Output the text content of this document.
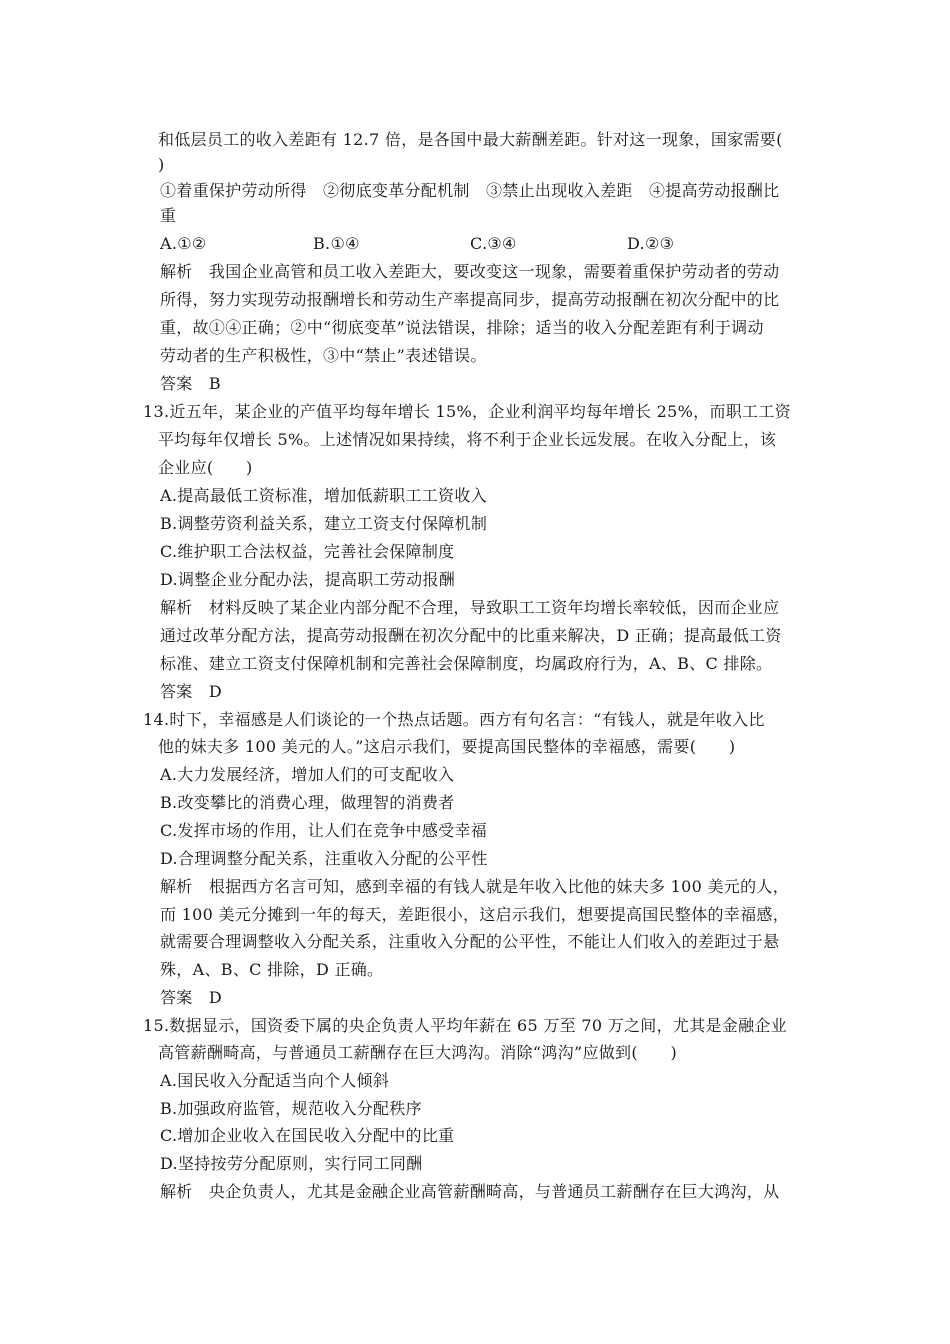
和低层员工的收入差距有 12.7 倍，是各国中最大薪酬差距。针对这一现象，国家需要(
)
①着重保护劳动所得　②彻底变革分配机制　③禁止出现收入差距　④提高劳动报酬比
重
A.①②	B.①④	C.③④	D.②③
解析　我国企业高管和员工收入差距大，要改变这一现象，需要着重保护劳动者的劳动
所得，努力实现劳动报酬增长和劳动生产率提高同步，提高劳动报酬在初次分配中的比
重，故①④正确；②中“彻底变革”说法错误，排除；适当的收入分配差距有利于调动
劳动者的生产积极性，③中“禁止”表述错误。
答案　B
13.近五年，某企业的产值平均每年增长 15%，企业利润平均每年增长 25%，而职工工资
平均每年仅增长 5%。上述情况如果持续，将不利于企业长远发展。在收入分配上，该
企业应(　　)
A.提高最低工资标准，增加低薪职工工资收入
B.调整劳资利益关系，建立工资支付保障机制
C.维护职工合法权益，完善社会保障制度
D.调整企业分配办法，提高职工劳动报酬
解析　材料反映了某企业内部分配不合理，导致职工工资年均增长率较低，因而企业应
通过改革分配方法，提高劳动报酬在初次分配中的比重来解决，D 正确；提高最低工资
标准、建立工资支付保障机制和完善社会保障制度，均属政府行为，A、B、C 排除。
答案　D
14.时下，幸福感是人们谈论的一个热点话题。西方有句名言：“有钱人，就是年收入比
他的妹夫多 100 美元的人。”这启示我们，要提高国民整体的幸福感，需要(　　)
A.大力发展经济，增加人们的可支配收入
B.改变攀比的消费心理，做理智的消费者
C.发挥市场的作用，让人们在竞争中感受幸福
D.合理调整分配关系，注重收入分配的公平性
解析　根据西方名言可知，感到幸福的有钱人就是年收入比他的妹夫多 100 美元的人，
而 100 美元分摊到一年的每天，差距很小，这启示我们，想要提高国民整体的幸福感，
就需要合理调整收入分配关系，注重收入分配的公平性，不能让人们收入的差距过于悬
殊，A、B、C 排除，D 正确。
答案　D
15.数据显示，国资委下属的央企负责人平均年薪在 65 万至 70 万之间，尤其是金融企业
高管薪酬畸高，与普通员工薪酬存在巨大鸿沟。消除“鸿沟”应做到(　　)
A.国民收入分配适当向个人倾斜
B.加强政府监管，规范收入分配秩序
C.增加企业收入在国民收入分配中的比重
D.坚持按劳分配原则，实行同工同酬
解析　央企负责人，尤其是金融企业高管薪酬畸高，与普通员工薪酬存在巨大鸿沟，从
